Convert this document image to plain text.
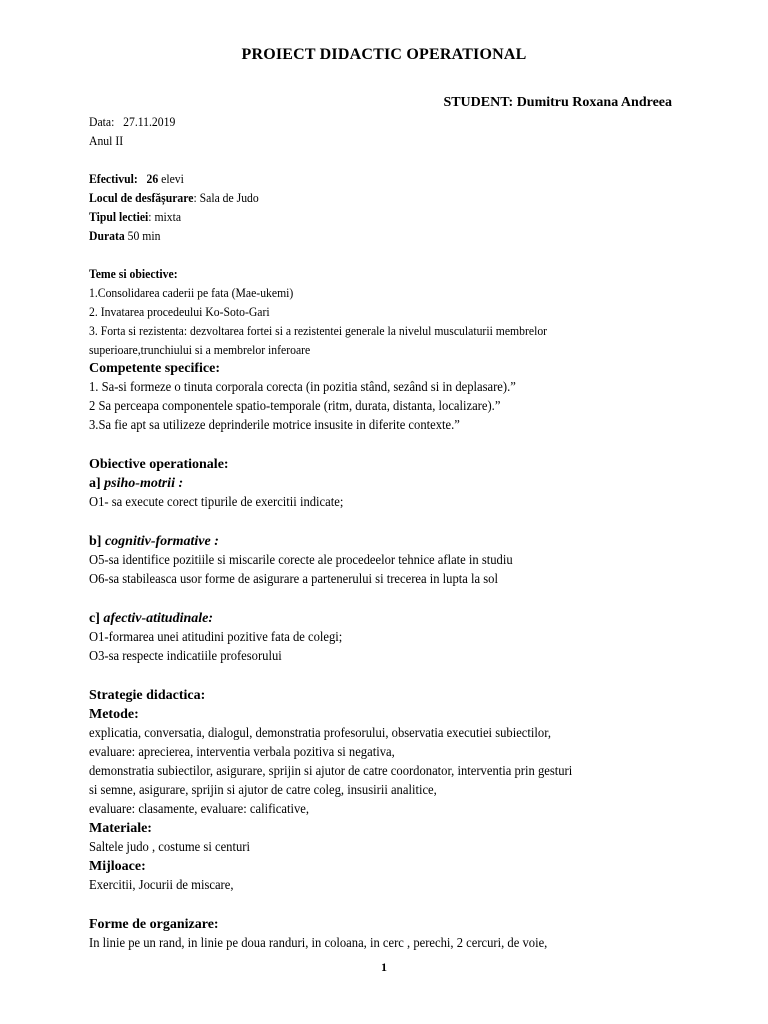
PROIECT DIDACTIC OPERATIONAL
STUDENT: Dumitru Roxana Andreea
Data: 27.11.2019
Anul II
Efectivul: 26 elevi
Locul de desfășurare: Sala de Judo
Tipul lectiei: mixta
Durata 50 min
Teme si obiective:
1.Consolidarea caderii pe fata (Mae-ukemi)
2. Invatarea procedeului Ko-Soto-Gari
3. Forta si rezistenta: dezvoltarea fortei si a rezistentei generale la nivelul musculaturii membrelor
superioare,trunchiului si a membrelor inferoare
Competente specifice:
1. Sa-si formeze o tinuta corporala corecta (in pozitia stând, sezând si in deplasare).”
2 Sa perceapa componentele spatio-temporale (ritm, durata, distanta, localizare).”
3.Sa fie apt sa utilizeze deprinderile motrice insusite in diferite contexte.”
Obiective operationale:
a] psiho-motrii :
O1- sa execute corect tipurile de exercitii indicate;
b] cognitiv-formative :
O5-sa identifice pozitiile si miscarile corecte ale procedeelor tehnice aflate in studiu
O6-sa stabileasca usor forme de asigurare a partenerului si trecerea in lupta la sol
c] afectiv-atitudinale:
O1-formarea unei atitudini pozitive fata de colegi;
O3-sa respecte indicatiile profesorului
Strategie didactica:
Metode:
explicatia, conversatia, dialogul, demonstratia profesorului, observatia executiei subiectilor,
evaluare: aprecierea, interventia verbala pozitiva si negativa,
demonstratia subiectilor, asigurare, sprijin si ajutor de catre coordonator, interventia prin gesturi
si semne, asigurare, sprijin si ajutor de catre coleg, insusirii analitice,
evaluare: clasamente, evaluare: calificative,
Materiale:
Saltele judo , costume si centuri
Mijloace:
Exercitii, Jocurii de miscare,
Forme de organizare:
In linie pe un rand, in linie pe doua randuri, in coloana, in cerc , perechi, 2 cercuri, de voie,
1
